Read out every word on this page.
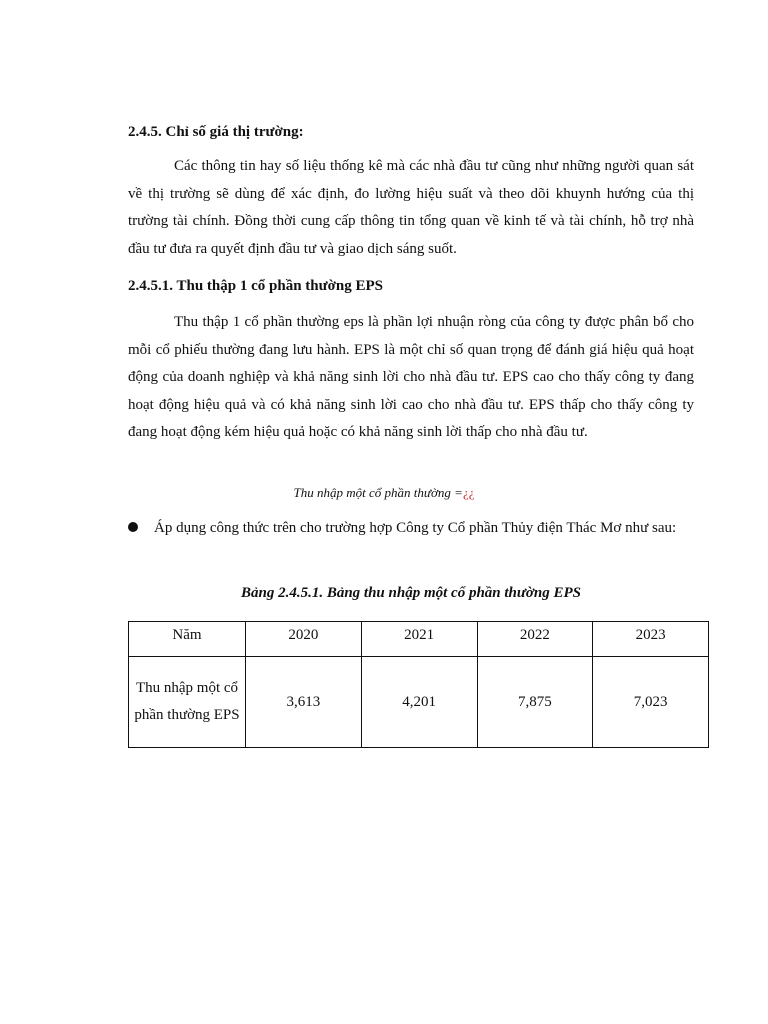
2.4.5. Chỉ số giá thị trường:
Các thông tin hay số liệu thống kê mà các nhà đầu tư cũng như những người quan sát về thị trường sẽ dùng để xác định, đo lường hiệu suất và theo dõi khuynh hướng của thị trường tài chính. Đồng thời cung cấp thông tin tổng quan về kinh tế và tài chính, hỗ trợ nhà đầu tư đưa ra quyết định đầu tư và giao dịch sáng suốt.
2.4.5.1. Thu thập 1 cổ phần thường EPS
Thu thập 1 cổ phần thường eps là phần lợi nhuận ròng của công ty được phân bổ cho mỗi cổ phiếu thường đang lưu hành. EPS là một chỉ số quan trọng để đánh giá hiệu quả hoạt động của doanh nghiệp và khả năng sinh lời cho nhà đầu tư. EPS cao cho thấy công ty đang hoạt động hiệu quả và có khả năng sinh lời cao cho nhà đầu tư. EPS thấp cho thấy công ty đang hoạt động kém hiệu quả hoặc có khả năng sinh lời thấp cho nhà đầu tư.
Thu nhập một cổ phần thường =¿¿
Áp dụng công thức trên cho trường hợp Công ty Cổ phần Thủy điện Thác Mơ như sau:
Bảng 2.4.5.1. Bảng thu nhập một cổ phần thường EPS
Năm	2020	2021	2022	2023
Thu nhập một cổ phần thường EPS	3,613	4,201	7,875	7,023
